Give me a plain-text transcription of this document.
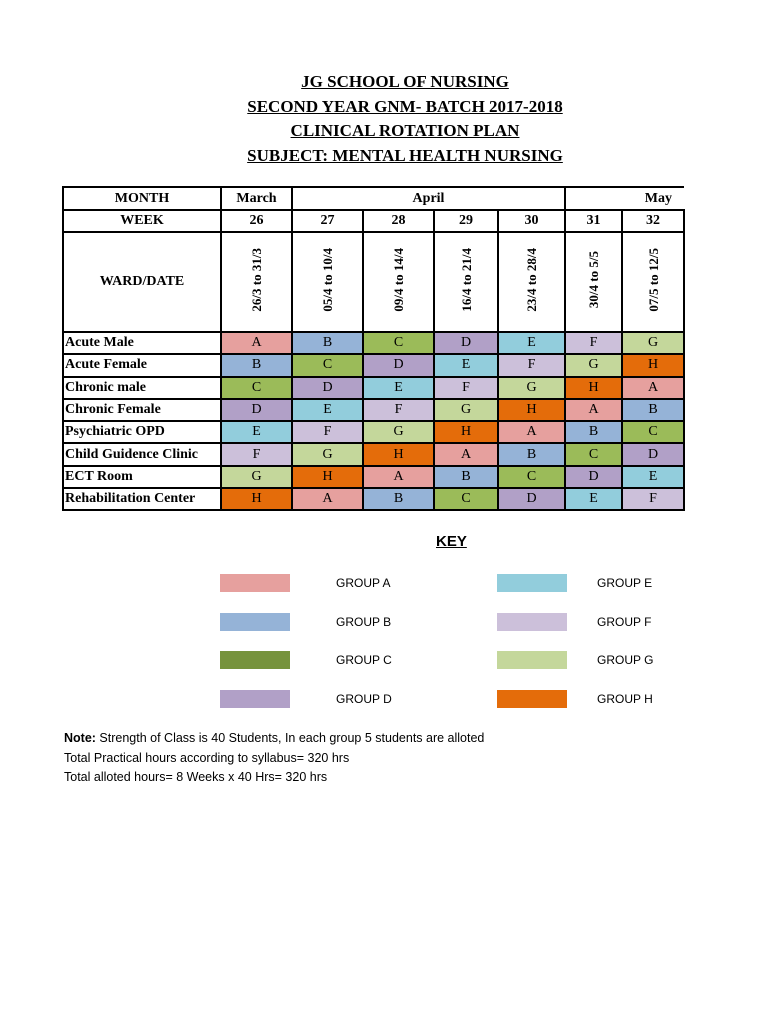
JG SCHOOL OF NURSING
SECOND YEAR GNM- BATCH 2017-2018
CLINICAL ROTATION PLAN
SUBJECT: MENTAL HEALTH NURSING
MONTH	March	April				May	
WEEK	26	27	28	29	30	31	32
WARD/DATE	26/3 to 31/3	05/4 to 10/4	09/4 to 14/4	16/4 to 21/4	23/4 to 28/4	30/4 to 5/5	07/5 to 12/5
Acute Male	A	B	C	D	E	F	G
Acute Female	B	C	D	E	F	G	H
Chronic male	C	D	E	F	G	H	A
Chronic Female	D	E	F	G	H	A	B
Psychiatric OPD	E	F	G	H	A	B	C
Child Guidence Clinic	F	G	H	A	B	C	D
ECT Room	G	H	A	B	C	D	E
Rehabilitation Center	H	A	B	C	D	E	F
KEY
GROUP A
GROUP B
GROUP C
GROUP D
GROUP E
GROUP F
GROUP G
GROUP H
Note: Strength of Class is 40 Students, In each group 5 students are alloted
Total Practical hours according to syllabus= 320 hrs
Total alloted hours= 8 Weeks x 40 Hrs= 320 hrs
